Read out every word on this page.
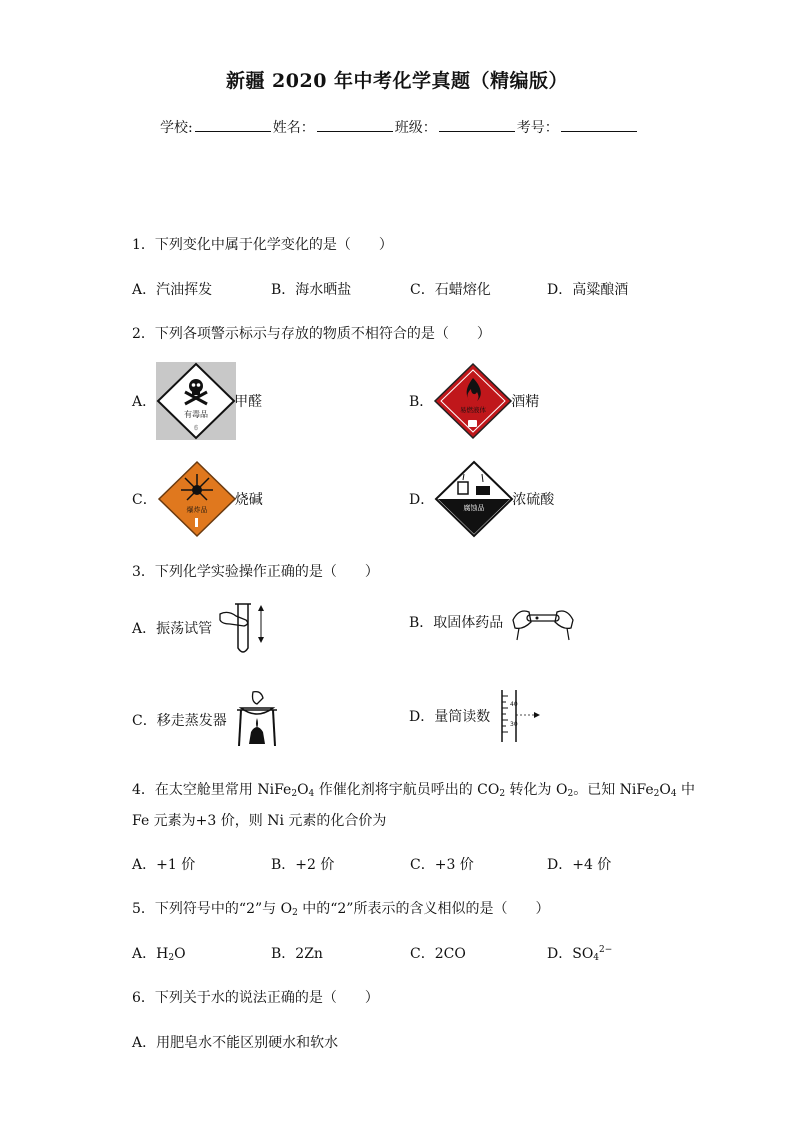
新疆 2020 年中考化学真题（精编版）
学校:	姓名：	班级：	考号：
1．下列变化中属于化学变化的是（　　）
A．汽油挥发	B．海水晒盐	C．石蜡熔化	D．高粱酿酒
2．下列各项警示标示与存放的物质不相符合的是（　　）
A．
有毒品
6
甲醛	B．	易燃液体 酒精
C．
爆炸品
烧碱	D．	腐蚀品 浓硫酸
3．下列化学实验操作正确的是（　　）
A． 振荡试管	B． 取固体药品
C． 移走蒸发器	D． 量筒读数
40
30
4．在太空舱里常用 $NiFe_2O_4$ 作催化剂将宇航员呼出的 $CO_2$ 转化为 $O_2$。已知 $NiFe_2O_4$ 中
Fe 元素为+3 价，则 Ni 元素的化合价为
A．+1 价	B．+2 价	C．+3 价	D．+4 价
5．下列符号中的“2”与 $O_2$ 中的“2”所表示的含义相似的是（　　）
A．$H_2O$	B．2Zn	C．2CO	D．$SO_4^{2-}$
6．下列关于水的说法正确的是（　　）
A．用肥皂水不能区别硬水和软水
